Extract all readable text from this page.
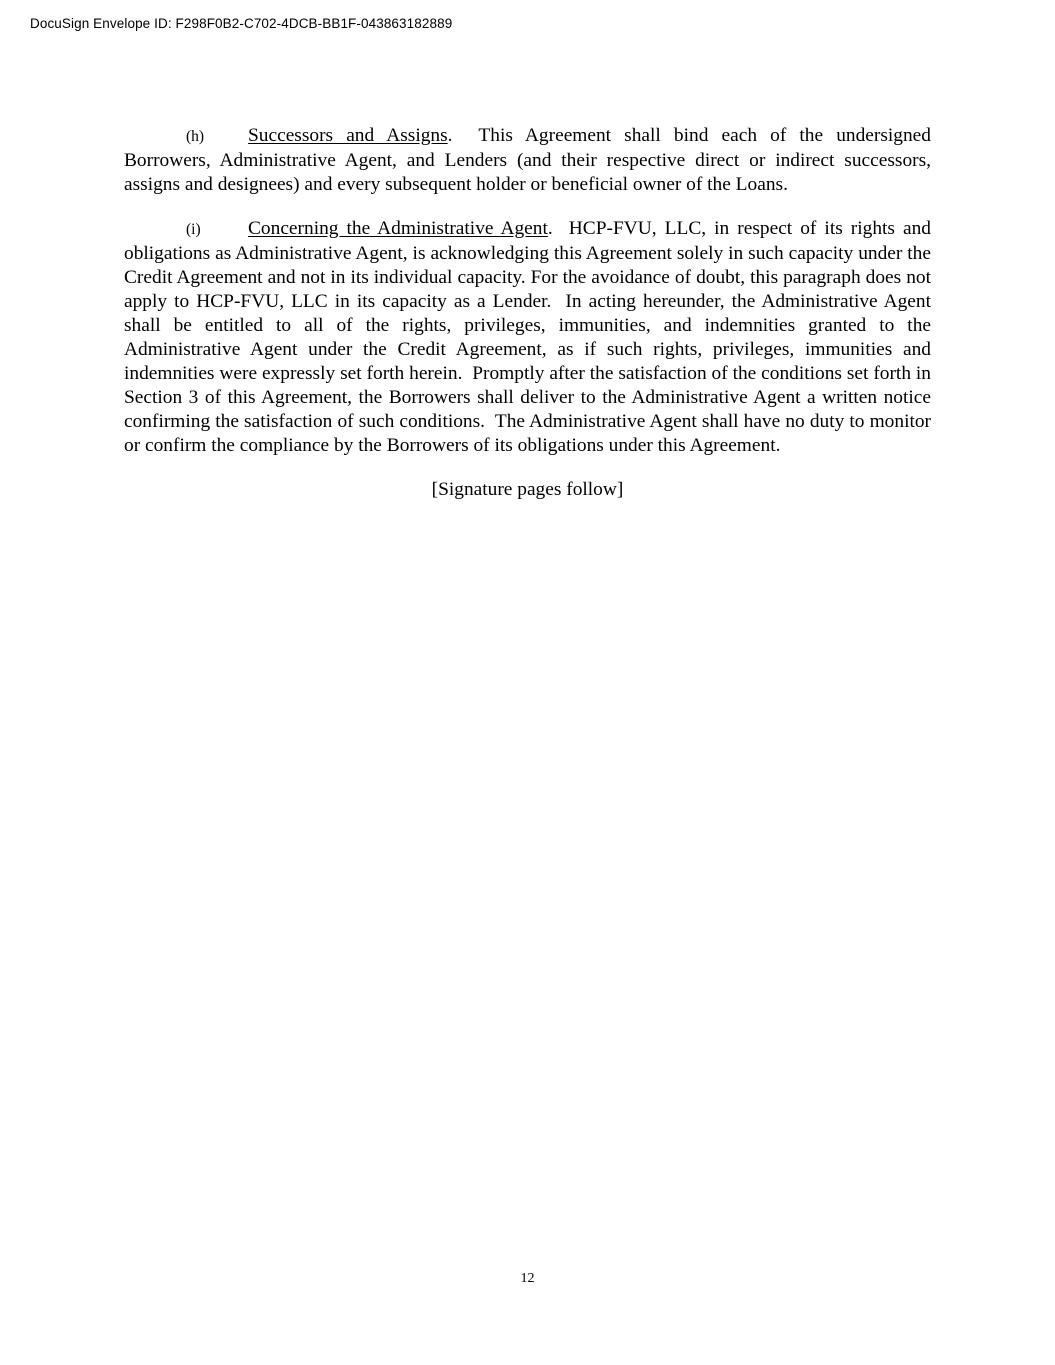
DocuSign Envelope ID: F298F0B2-C702-4DCB-BB1F-043863182889

(h) Successors and Assigns.  This Agreement shall bind each of the undersigned Borrowers, Administrative Agent, and Lenders (and their respective direct or indirect successors, assigns and designees) and every subsequent holder or beneficial owner of the Loans.

(i) Concerning the Administrative Agent.  HCP-FVU, LLC, in respect of its rights and obligations as Administrative Agent, is acknowledging this Agreement solely in such capacity under the Credit Agreement and not in its individual capacity. For the avoidance of doubt, this paragraph does not apply to HCP-FVU, LLC in its capacity as a Lender.  In acting hereunder, the Administrative Agent shall be entitled to all of the rights, privileges, immunities, and indemnities granted to the Administrative Agent under the Credit Agreement, as if such rights, privileges, immunities and indemnities were expressly set forth herein.  Promptly after the satisfaction of the conditions set forth in Section 3 of this Agreement, the Borrowers shall deliver to the Administrative Agent a written notice confirming the satisfaction of such conditions.  The Administrative Agent shall have no duty to monitor or confirm the compliance by the Borrowers of its obligations under this Agreement.

[Signature pages follow]

12
